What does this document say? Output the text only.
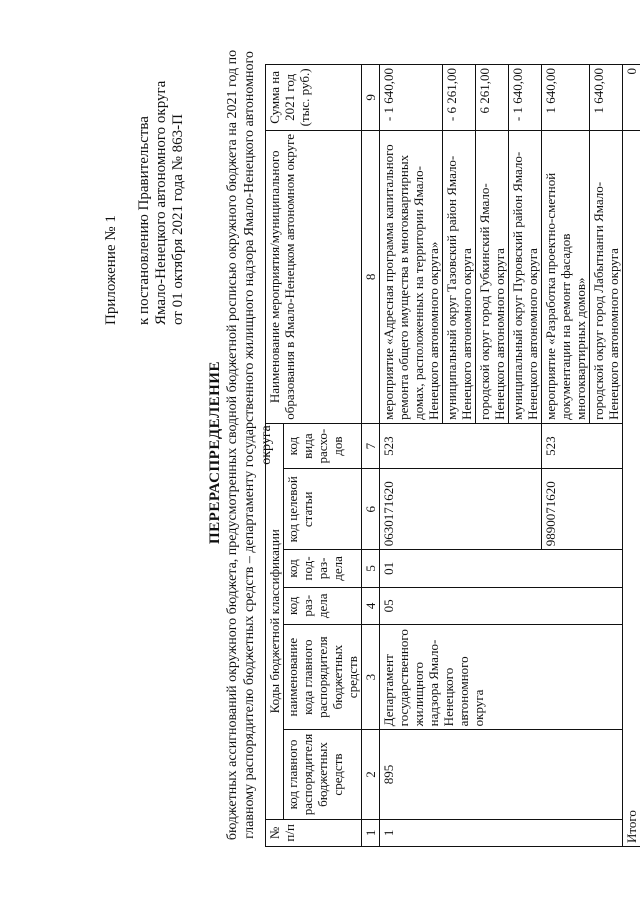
Приложение № 1 к постановлению Правительства Ямало-Ненецкого автономного округа от 01 октября 2021 года № 863-П
ПЕРЕРАСПРЕДЕЛЕНИЕ бюджетных ассигнований окружного бюджета, предусмотренных сводной бюджетной росписью окружного бюджета на 2021 год по главному распорядителю бюджетных средств – департаменту государственного жилищного надзора Ямало-Ненецкого автономного округа
№ п/п	Коды бюджетной классификации						Наименование мероприятия/муниципального образования в Ямало-Ненецком автономном округе	Сумма на 2021 год (тыс. руб.)
	код главного распорядителя бюджетных средств	наименование кода главного распорядителя бюджетных средств	код раз-дела	код под-раз-дела	код целевой статьи	код вида расхо-дов		
1	2	3	4	5	6	7	8	9
1	895	Департамент государственного жилищного надзора Ямало-Ненецкого автономного округа	05	01	0630171620	523	мероприятие «Адресная программа капитального ремонта общего имущества в многоквартирных домах, расположенных на территории Ямало-Ненецкого автономного округа»	- 1 640,00
							муниципальный округ Тазовский район Ямало-Ненецкого автономного округа	- 6 261,00
							городской округ город Губкинский Ямало-Ненецкого автономного округа	6 261,00
							муниципальный округ Пуровский район Ямало-Ненецкого автономного округа	- 1 640,00
					9890071620	523	мероприятие «Разработка проектно-сметной документации на ремонт фасадов многоквартирных домов»	1 640,00
							городской округ город Лабытнанги Ямало-Ненецкого автономного округа	1 640,00
Итого								0
